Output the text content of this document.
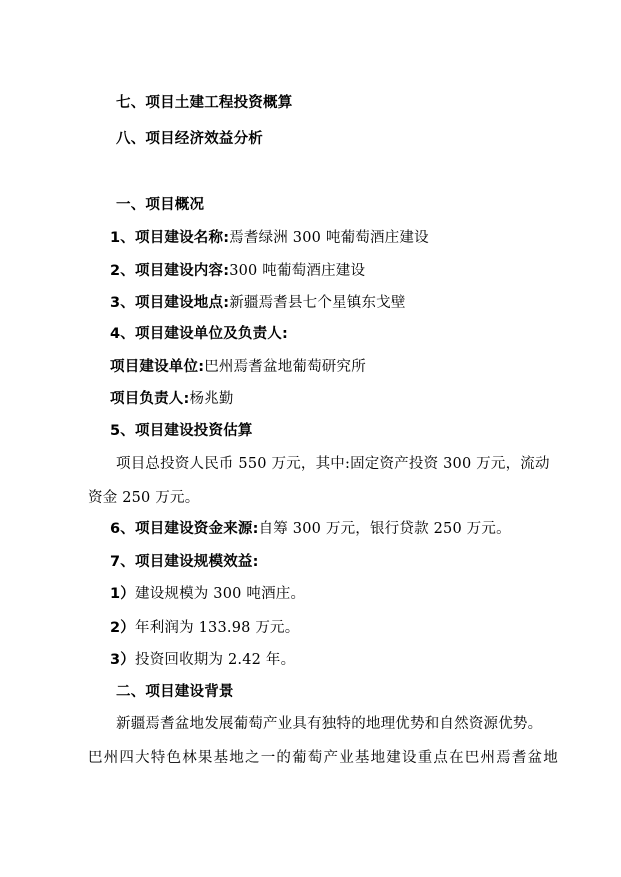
七、项目土建工程投资概算
八、项目经济效益分析
一、项目概况
1、项目建设名称:焉耆绿洲 300 吨葡萄酒庄建设
2、项目建设内容:300 吨葡萄酒庄建设
3、项目建设地点:新疆焉耆县七个星镇东戈壁
4、项目建设单位及负责人:
项目建设单位:巴州焉耆盆地葡萄研究所
项目负责人:杨兆勤
5、项目建设投资估算
项目总投资人民币 550 万元，其中:固定资产投资 300 万元，流动
资金 250 万元。
6、项目建设资金来源:自筹 300 万元，银行贷款 250 万元。
7、项目建设规模效益:
1）建设规模为 300 吨酒庄。
2）年利润为 133.98 万元。
3）投资回收期为 2.42 年。
二、项目建设背景
新疆焉耆盆地发展葡萄产业具有独特的地理优势和自然资源优势。
巴州四大特色林果基地之一的葡萄产业基地建设重点在巴州焉耆盆地
